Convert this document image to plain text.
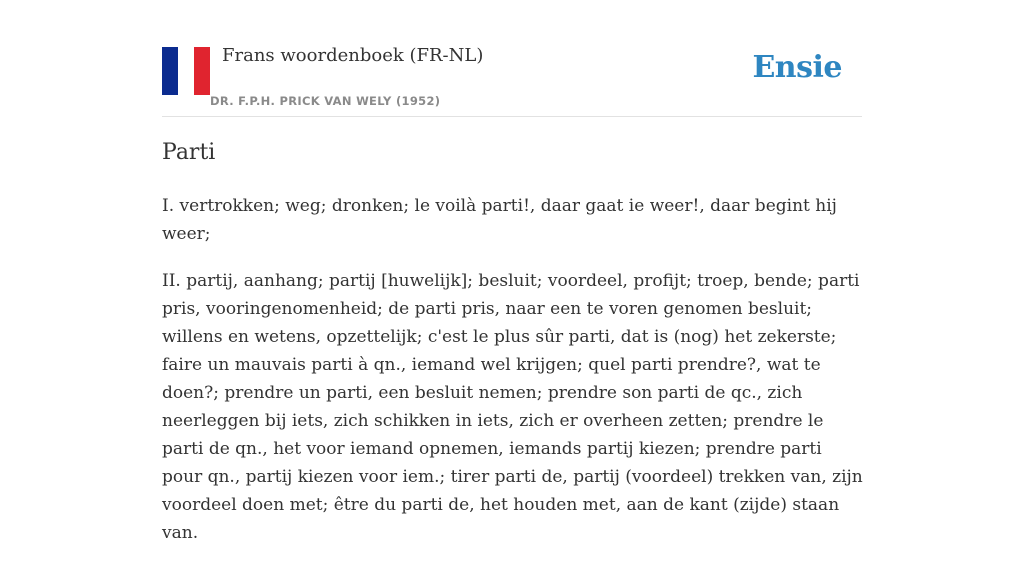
Frans woordenboek (FR-NL)
DR. F.P.H. PRICK VAN WELY (1952)
Ensie
Parti

I. vertrokken; weg; dronken; le voilà parti!, daar gaat ie weer!, daar begint hij weer;

II. partij, aanhang; partij [huwelijk]; besluit; voordeel, profijt; troep, bende; parti pris, vooringenomenheid; de parti pris, naar een te voren genomen besluit; willens en wetens, opzettelijk; c'est le plus sûr parti, dat is (nog) het zekerste; faire un mauvais parti à qn., iemand wel krijgen; quel parti prendre?, wat te doen?; prendre un parti, een besluit nemen; prendre son parti de qc., zich neerleggen bij iets, zich schikken in iets, zich er overheen zetten; prendre le parti de qn., het voor iemand opnemen, iemands partij kiezen; prendre parti pour qn., partij kiezen voor iem.; tirer parti de, partij (voordeel) trekken van, zijn voordeel doen met; être du parti de, het houden met, aan de kant (zijde) staan van.
